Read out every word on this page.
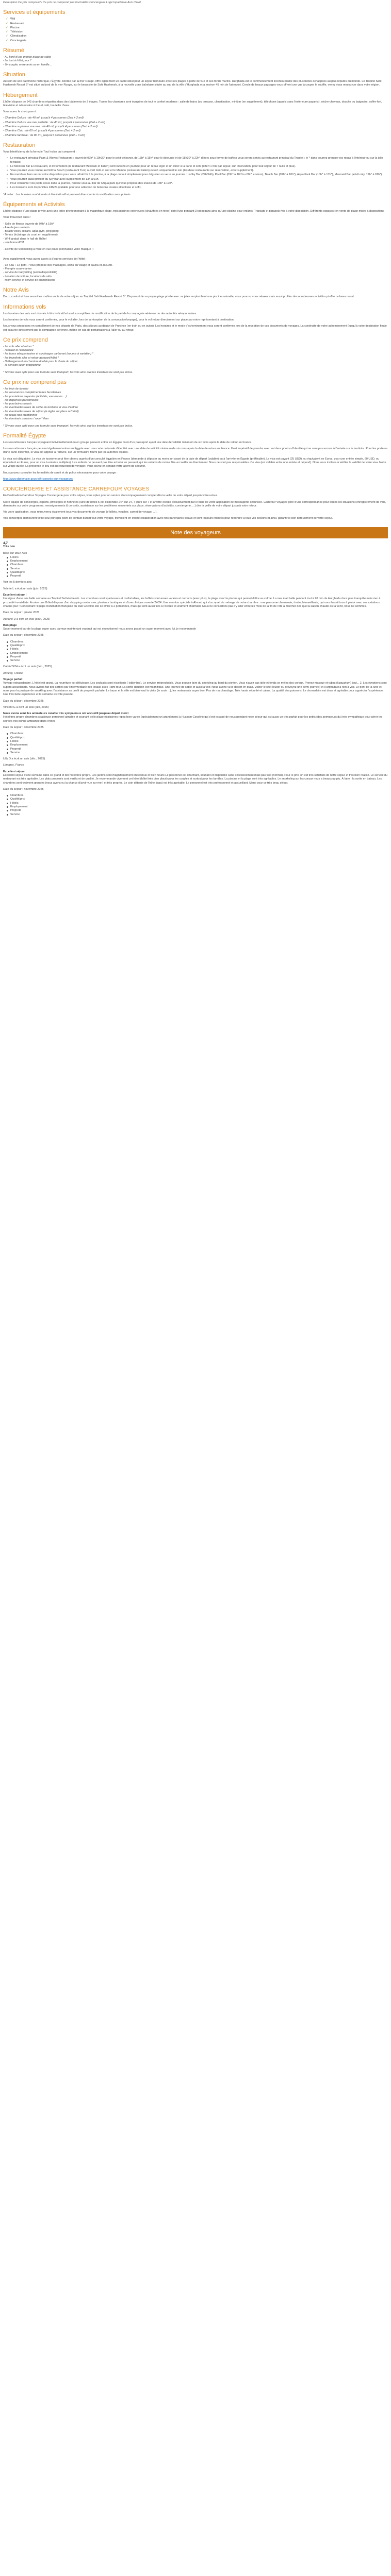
Description Ce prix comprend / Ce prix ne comprend pas Formalités Conciergerie Logé Inpadrhaie Avis Client
Services et équipements
✓ Wifi
✓ Restaurant
✓ Piscine
✓ Télévision
✓ Climatisation
✓ Conciergerie
Résumé
- Au bord d'une grande plage de sable
- Le tout à hôtel pour l'
- Un couple, entre amis ou en famille...
Situation

Au sein de son patrimoine historique, l'Égypte, bordée par la mer Rouge, offre également un cadre idéal pour un séjour balnéaire avec ses plages à perte de vue et ses fonds marins. Hurghada est le commencement incontournable des plus belles échappées au plus réputés du monde. Le Tropitel Sahl Hasheesh Resort 5* est situé au bord de la mer Rouge, sur le beau site de Sahl Hasheesh, à la nouvelle zone balnéaire située au sud de la ville d'Hurghada et à environ 45 min de l'aéroport. Cercle de beaux paysages vous offrent une vue à couper le souffle, venez vous ressourcer dans votre région.

Hébergement

L'hôtel dispose de 543 chambres réparties dans des bâtiments de 3 étages. Toutes les chambres sont équipées de tout le confort moderne : salle de bains (ou terrasse, climatisation, minibar (en supplément), téléphone (appels sans l'extérieure payants), sèche-cheveux, douche ou baignoire, coffre-fort, télévision et nécessaire à thé et café, bouteille d'eau.

Vous aurez le choix parmi :

- Chambre Deluxe : de 40 m², jusqu'à 4 personnes (2ad + 2 enf)
- Chambre Deluxe vue mer partielle : de 40 m², jusqu'à 4 personnes (2ad + 2 enf)
- Chambre supérieur vue mer : de 46 m², jusqu'à 4 personnes (2ad + 2 enf)
- Chambre Club : de 60 m², jusqu'à 4 personnes (2ad + 2 enf)
- Chambre familiale : de 80 m², jusqu'à 5 personnes (2ad + 3 enf)
Restauration

Vous bénéficierez de la formule Tout Inclus qui comprend :

• Le restaurant principal Palm & Waves Restaurant : ouvert de 07h* à 10h30* pour le petit-déjeuner, de 13h* à 15h* pour le déjeuner et de 18h30* à 22h* dîners sous forme de buffets vous seront servis au restaurant principal du Tropitel ; le * dans pourrez prendre vos repas à l'intérieur ou sur la jolie terrasse.
• Le Mexican Bar & Restaurant, et Il Pomodoro (le restaurant Mexicain et Italien) sont ouverts en journée pour un repas léger et un dîner à la carte et sont (offert 1 fois par séjour, sur réservation, pour tout séjour de 7 nuits et plus).
• Vous pourrez vous rendre au Dolma Beach (restaurant Turc) ouvert midi et soir et le Mambo (restaurant italien) ouvert uniquement le soir (les deux restaurants sur réservation, avec supplément).
• En membres bars seront votre disposition pour vous rafraîchir à la piscine, à la plage ou tout simplement pour déguster un verre en journée : Lobby Bar (24h/24h), Pool Bar (09h* à 18h*ou 00h* environ), Beach Bar (09h* à 18h*), Aqua Park Bar (10h* à 17h*), Mermaid Bar (adult only, 19h* à 01h*).
• Vous pourrez aussi profiter du Sky Bar avec supplément de 13h à 01h.
• Pour consumer vos petits creux dans la journée, rendez-vous au bar de l'Aqua park qui vous propose des snacks de 13h* à 17h*.
• Les boissons sont disponibles 24h/24 (valable pour une sélection de boissons locales alcoolisée et soft).

*À noter : Les horaires sont donnés à titre indicatif et peuvent être soumis à modification sans préavis.

Équipements et Activités

L'hôtel dispose d'une plage privée avec une jetée privée menant à la magnifique plage, trois piscines extérieures (chauffées en hiver) dont l'une pendant 3 toboggans ainsi qu'une piscine pour enfants. Transats et parasols mis à votre disposition. Différents espaces (en vente de plage mises à disposition).

Vous trouverez aussi :

- Salle de fitness ouverte de 07h* à 19h*
- Aire de jeux enfants
- Beach volley, billiard, aqua gym, ping pong
- Tennis (éclairage du court en supplément)
- Wi-fi gratuit dans le hall de l'hôtel
- une borne ATM

- activité de Snorkelling à mise en vue place (connaisse votre masque !)

Avec supplément, vous aurez accès à d'autres services de l'hôtel :

- Le Spa + Le petit + vous propose des massages, soins du visage et sauna et Jacuzzi.
- Plongée sous-marine
- service de babysitting (selon disponibilité)
- Location de voiture, locations de vélo
- room service et service de blanchisserie
Notre Avis

Doux, confort et luxe seront les maîtres mots de votre séjour au Tropitel Sahl Hasheesh Resort 5*. Disposant de sa propre plage privée avec sa jetée surplombant une piscine naturelle, vous pourrez vous relaxez mais aussi profiter des nombreuses activités qu'offre ce beau resort.

Informations vols

Les horaires des vols sont donnés à titre indicatif et sont susceptibles de modification de la part de la compagnie aérienne ou des autorités aéroportuaires.

Les horaires de vols vous seront confirmés, pour le vol aller, lors de la réception de la convocation/voyage), pour le vol retour directement sur place par notre représentant à destination.

Nous vous proposons en complément de nos départs de Paris, des séjours au départ de Province (en train ou en avion). Les horaires et le mode d'acheminement vous seront confirmés lors de la réception de vos documents de voyages. La continuité de votre acheminement (jusqu'à votre destination finale est assurée directement par la compagnie aérienne, même en cas de perturbations à l'aller ou au retour.

Ce prix comprend
- les vols aller et retour *
- l'accueil et l'assistance
- les taxes aéroportuaires et surcharges carburant (soumis à variation) *
- les transferts aller et retour aéroport/hôtel *
- l'hébergement en chambre double pour la durée du séjour
- la pension selon programme

* Si vous avez opté pour une formule sans transport, les vols ainsi que les transferts ne sont pas inclus.

Ce prix ne comprend pas
- les frais de dossier
- les assurances complémentaires facultatives
- les prestations payantes (activités, excursions ...)
- les dépenses personnelles
- les pourboires usuels
- les éventuelles taxes de sortie du territoire et visa d'entrée
- les éventuelles taxes de séjour (à régler sur place à l'hôtel)
- les repas non mentionnés
- les éventuels services / room* flam

* Si vous avez opté pour une formule sans transport, les vols ainsi que les transferts ne sont pas inclus.

Formalité Égypte

Les ressortissants français voyageant individuellement ou en groupe peuvent entrer en Égypte muni d'un passeport ayant une date de validité minimum de six mois après la date de retour en France.

Les ressortissants français peuvent également entrer en Égypte avec une carte nationale d'identité avec une date de validité minimum de six mois après la date de retour en France. Il est impératif de prendre avec soi deux photos d'identité qui ne sera pas encore à l'arrivée sur le territoire. Pour les porteurs d'une carte d'identité, le visa est apposé à l'arrivée, sur un formulaire fourni par les autorités locales.

Le visa est obligatoire. Le visa de tourisme peut être obtenu auprès d'un consulat égyptien en France (demande à déposer au moins un avant de la date de départ (valable) ou à l'arrivée en Égypte (préférable). Le visa est payant (25 USD), ou équivalent en Euros, pour une entrée simple, 60 USD, ou équivalent en Euros, pour un visa à entrées multiples). Les enfants ne peuvent pas être acheter en passant, qui les enfants de moins être accueillis en directement. Nous ne sont pas responsables. Ce visa (est valable entre une entrée et dépend). Nous vous invitons à vérifier la validité de votre visa. Notre sur vi/age quelle. La présence le lieu est du requérant de voyager. Vous devez en contact votre agent de sécurité.

Nous pouvez consulter les formalités de santé et de police nécessaires pour votre voyage :

http://www.diplomatie.gouv.fr/fr/conseils-aux-voyageurs/

CONCIERGERIE ET ASSISTANCE CARREFOUR VOYAGES

En Destination Carrefour Voyages Conciergerie pour votre séjour, vous optez pour un service d'accompagnement complet dès la veille de votre départ jusqu'à votre retour.

Notre équipe de concierges, experts, privilégiés et honnêtes (lune de notes 5 est disponible 24h sur 24, 7 jours sur 7 et à votre écoute exclusivement par le biais de votre application de messagerie sécurisée. Carrefour Voyages gère d'une correspondance pour toutes les situations (enrégistrement de vols, demandes sur votre programme, renseignements & conseils, assistance sur les problèmes rencontrés sur place, réservations d'activités, conciergerie, ...) dès la veille de votre départ jusqu'à votre retour.

Via votre application, vous retrouverez également tous vos documents de voyage (e-billets, voucher, carnet de voyage, ...).

Vos concierges demeurent votre seul principal point de contact durant tout votre voyage, travaillent en étroite collaboration avec nos partenaires locaux et sont toujours intérées pour répondre à tous vos besoins et ainsi, garantir le bon déroulement de votre séjour.

Note des voyageurs
4,7
Très bon
basé sur 9837 Avis
Loisirs
Employement
Chambres
Service
Qualité/prix
Propreté

Voir les 5 derniers avis

Valerie L a écrit un avis (juin, 2026)

Excellent séjour !

Un séjour d'une très belle semaine au Tropitel Sal Hasheesh. Les chambres sont spacieuses et confortables, les buffets sont assez variées et corrects (avec plus), la plage avec la piscine qui permet d'être au calme. La mer était belle pendant tout à 20 min de Hurghada donc plus tranquille mais rien à proximité immédiate. A noter que l'hôtel dispose d'un shopping center avec plusieurs boutiques et d'une clinique ouverte 24/24. Une mention spéciale à Ahmed qui s'occupait du ménage de notre chambre : une personne charmante, droite, bienveillante, qui nous faisait tous à plaisir avec ses créations chaque jour ! Concernant l'équipe d'animation française du club Cocolito elle se limite à 2 personnes, mais qui sont aussi très à l'écoute et vraiment charmant. Nous ne conseillons pas d'y aller entre les mois de la fin de l'été à marcher dès que la saison chaude est à venir, nous ne sommes.

Date du séjour : janvier 2026

Auriane D a écrit un avis (août, 2025)

Bon plage

Super moment bar de la plage super avec barman maintenant vaudrait qui est exceptionnel nous avons passé un super moment avec lui. je recommande

Date du séjour : décembre 2025

Chambres
Qualité/prix
Hôtels
Employement
Propreté
Service

Cathie7474 a écrit un avis (déc., 2025)

Annecy, France

Voyage parfait

Voyage extraordinaire. L'hôtel est grand. La nourriture est délicieuse. Les cocktails sont excellents ( lobby bar). Le service irréprochable. Vous pouvez faire du snorkling au bord du ponton. Vous n'avez pas idée et fonds se mêles des coraux. Prenez masque et tubas (l'aquarium) tout... 2. Les égyptiens sont supers accueillants. Nous avions fait des sorties par l'intermédiaire des locaux avec Rami tour. La sortie dauphin est magnifique. Une journée de sable et aussi à voir. Nous avons vu le désert en quad. Visiter le site (louxor ou prévoyez une demi-journée) et Hurghada n'a rien à voir. Le pont de la lune et nous pour la pratique de snorkling avec l'assistance au profit de propreté parfaite. Le bazar et la ville est bien vaut la visite (le souk ...), les restaurants super bon. Pas de marchandage. Très haute sécurité et calme. La qualité des poissons. Le dromadaire est doux et agréable pour apprécier l'expérience. Une très belle expérience et la semaine est vite passée.

Date du séjour : décembre 2025

Vincent G a écrit un avis (juin, 2025)

Nous avons aimé les animateurs caraïbe très sympa nous ont accueilli jusqu'au départ merci

Hôtel très propre chambres spacieuse personnel aimable et souriant belle plage et piscines repas bien variés (spécialement un grand merci à Hussam Cocolino qui s'est occupé de nous pendant notre séjour qui est aussi un très parfait pour les petits (des animateurs du) très sympathique pour gérer les soirées très bonne ambiance dans l'hôtel.

Date du séjour : décembre 2025

Chambres
Qualité/prix
Hôtels
Employement
Propreté
Service

Lilly D a écrit un avis (déc., 2025)

Limoges, France

Excellent séjour

Excellent séjour d'une semaine dans ce grand et bel hôtel très propre. Les jardins sont magnifiquement entretenus et bien fleuris Le personnel est charmant, souriant et disponible sans excessivement mais pas trop (normal). Pour le prix, on est très satisfaits de notre séjour et très bien réalisé. Le service du restaurant est très agréable. Les plats proposés sont variés et de qualité. Je recommande vivement cet hôtel (hôtel très bien placé) pour les couples et surtout pour les familles. La piscine et la plage sont très agréables. Le snorkeling sur les coraux nous a beaucoup plu. À faire : la sortie en bateau. Les chambres sont vraiment grandes (nous avons eu la chance d'avoir vue sur mer) et très propres. Le coin détente de l'hôtel (spa) est très agréable. Le personnel est très professionnel et accueillant. Merci pour ce très beau séjour.

Date du séjour : novembre 2025

Chambres
Qualité/prix
Hôtels
Employement
Propreté
Service
